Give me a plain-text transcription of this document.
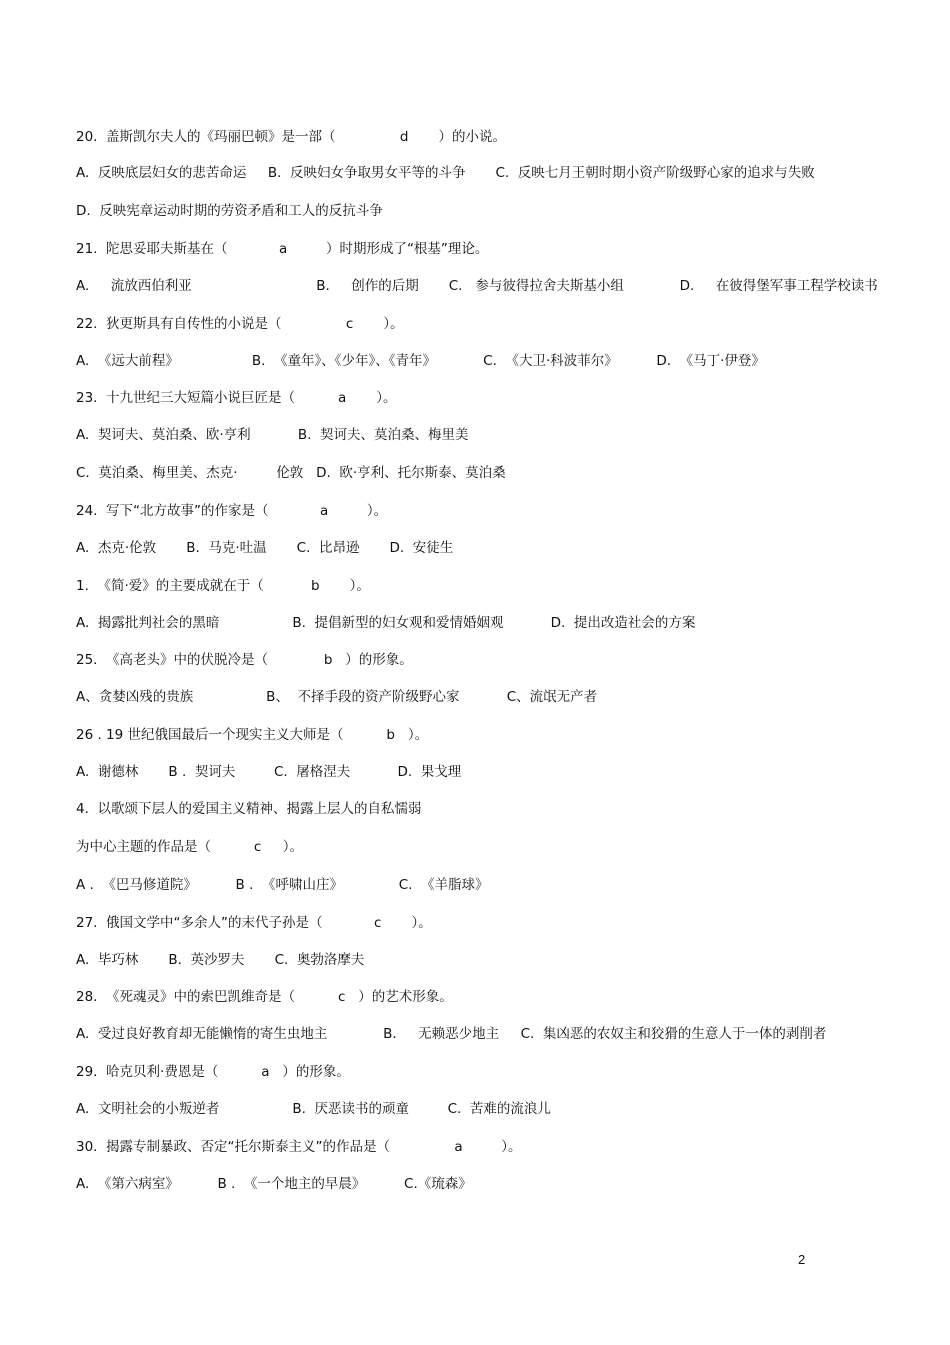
20.  盖斯凯尔夫人的《玛丽巴顿》是一部（               d       ）的小说。
A.  反映底层妇女的悲苦命运     B.  反映妇女争取男女平等的斗争       C.  反映七月王朝时期小资产阶级野心家的追求与失败
D.  反映宪章运动时期的劳资矛盾和工人的反抗斗争
21.  陀思妥耶夫斯基在（            a         ）时期形成了“根基”理论。
A.     流放西伯利亚                             B.     创作的后期       C.   参与彼得拉舍夫斯基小组             D.     在彼得堡军事工程学校读书
22.  狄更斯具有自传性的小说是（               c       ）。
A.  《远大前程》                 B.  《童年》、《少年》、《青年》           C.  《大卫·科波菲尔》         D.  《马丁·伊登》
23.  十九世纪三大短篇小说巨匠是（          a       ）。
A.  契诃夫、莫泊桑、欧·亨利           B.  契诃夫、莫泊桑、梅里美
C.  莫泊桑、梅里美、杰克·         伦敦   D.  欧·亨利、托尔斯泰、莫泊桑
24.  写下“北方故事”的作家是（            a         ）。
A.  杰克·伦敦       B.  马克·吐温       C.  比昂逊       D.  安徒生
1.  《简·爱》的主要成就在于（           b       ）。
A.  揭露批判社会的黑暗                 B.  提倡新型的妇女观和爱情婚姻观           D.  提出改造社会的方案
25.  《高老头》中的伏脱冷是（             b   ）的形象。
A、贪婪凶残的贵族                 B、  不择手段的资产阶级野心家           C、流氓无产者
26 . 19 世纪俄国最后一个现实主义大师是（          b   ）。
A.  谢德林       B .  契诃夫         C.  屠格涅夫           D.  果戈理
4.  以歌颂下层人的爱国主义精神、揭露上层人的自私懦弱
为中心主题的作品是（          c     ）。
A .  《巴马修道院》         B .  《呼啸山庄》             C.  《羊脂球》
27.  俄国文学中“多余人”的末代子孙是（            c       ）。
A.  毕巧林       B.  英沙罗夫       C.  奥勃洛摩夫
28.  《死魂灵》中的索巴凯维奇是（          c   ）的艺术形象。
A.  受过良好教育却无能懒惰的寄生虫地主             B.     无赖恶少地主     C.  集凶恶的农奴主和狡猾的生意人于一体的剥削者
29.  哈克贝利·费恩是（          a   ）的形象。
A.  文明社会的小叛逆者                 B.  厌恶读书的顽童         C.  苦难的流浪儿
30.  揭露专制暴政、否定“托尔斯泰主义”的作品是（               a         ）。
A.  《第六病室》         B .  《一个地主的早晨》         C.《琉森》
2
